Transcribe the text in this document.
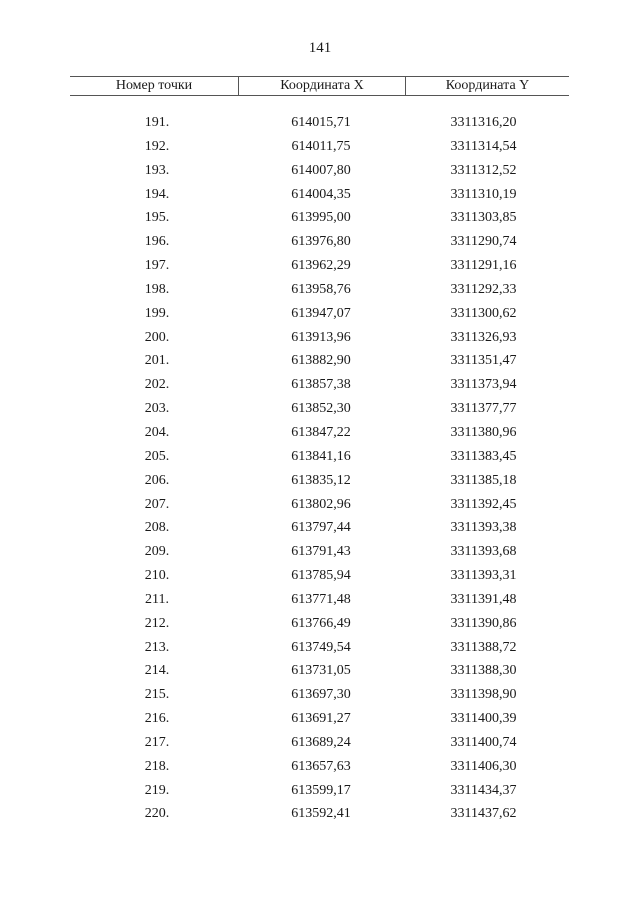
141
Номер точки	Координата X	Координата Y
191.	614015,71	3311316,20
192.	614011,75	3311314,54
193.	614007,80	3311312,52
194.	614004,35	3311310,19
195.	613995,00	3311303,85
196.	613976,80	3311290,74
197.	613962,29	3311291,16
198.	613958,76	3311292,33
199.	613947,07	3311300,62
200.	613913,96	3311326,93
201.	613882,90	3311351,47
202.	613857,38	3311373,94
203.	613852,30	3311377,77
204.	613847,22	3311380,96
205.	613841,16	3311383,45
206.	613835,12	3311385,18
207.	613802,96	3311392,45
208.	613797,44	3311393,38
209.	613791,43	3311393,68
210.	613785,94	3311393,31
211.	613771,48	3311391,48
212.	613766,49	3311390,86
213.	613749,54	3311388,72
214.	613731,05	3311388,30
215.	613697,30	3311398,90
216.	613691,27	3311400,39
217.	613689,24	3311400,74
218.	613657,63	3311406,30
219.	613599,17	3311434,37
220.	613592,41	3311437,62
